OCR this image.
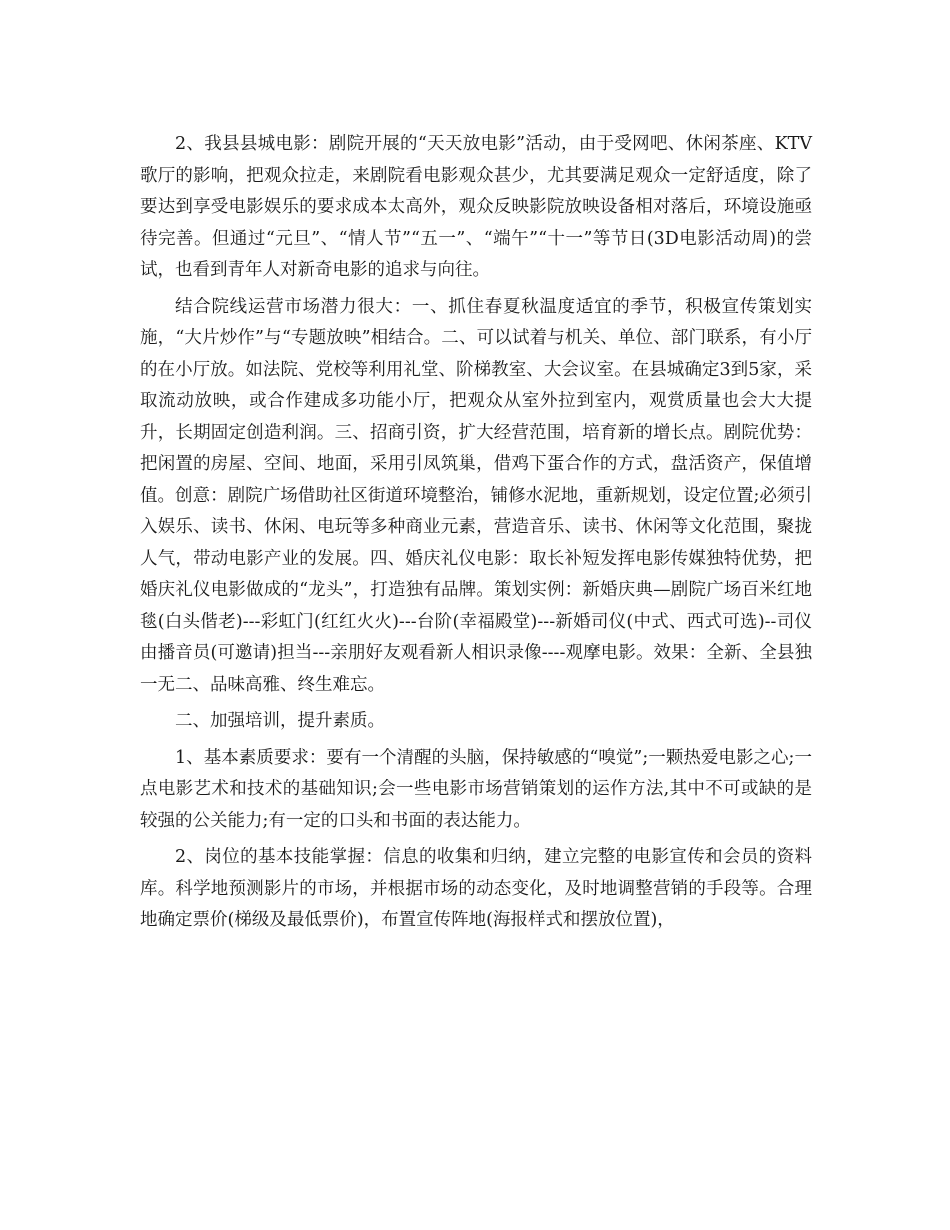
2、我县县城电影：剧院开展的“天天放电影”活动，由于受网吧、休闲茶座、KTV歌厅的影响，把观众拉走，来剧院看电影观众甚少，尤其要满足观众一定舒适度，除了要达到享受电影娱乐的要求成本太高外，观众反映影院放映设备相对落后，环境设施亟待完善。但通过“元旦”、“情人节”“五一”、“端午”“十一”等节日(3D电影活动周)的尝试，也看到青年人对新奇电影的追求与向往。

结合院线运营市场潜力很大：一、抓住春夏秋温度适宜的季节，积极宣传策划实施，“大片炒作”与“专题放映”相结合。二、可以试着与机关、单位、部门联系，有小厅的在小厅放。如法院、党校等利用礼堂、阶梯教室、大会议室。在县城确定3到5家，采取流动放映，或合作建成多功能小厅，把观众从室外拉到室内，观赏质量也会大大提升，长期固定创造利润。三、招商引资，扩大经营范围，培育新的增长点。剧院优势：把闲置的房屋、空间、地面，采用引凤筑巢，借鸡下蛋合作的方式，盘活资产，保值增值。创意：剧院广场借助社区街道环境整治，铺修水泥地，重新规划，设定位置;必须引入娱乐、读书、休闲、电玩等多种商业元素，营造音乐、读书、休闲等文化范围，聚拢人气，带动电影产业的发展。四、婚庆礼仪电影：取长补短发挥电影传媒独特优势，把婚庆礼仪电影做成的“龙头”，打造独有品牌。策划实例：新婚庆典—剧院广场百米红地毯(白头偕老)---彩虹门(红红火火)---台阶(幸福殿堂)---新婚司仪(中式、西式可选)--司仪由播音员(可邀请)担当---亲朋好友观看新人相识录像----观摩电影。效果：全新、全县独一无二、品味高雅、终生难忘。

二、加强培训，提升素质。

1、基本素质要求：要有一个清醒的头脑，保持敏感的“嗅觉”;一颗热爱电影之心;一点电影艺术和技术的基础知识;会一些电影市场营销策划的运作方法,其中不可或缺的是较强的公关能力;有一定的口头和书面的表达能力。

2、岗位的基本技能掌握：信息的收集和归纳，建立完整的电影宣传和会员的资料库。科学地预测影片的市场，并根据市场的动态变化，及时地调整营销的手段等。合理地确定票价(梯级及最低票价)，布置宣传阵地(海报样式和摆放位置)，
